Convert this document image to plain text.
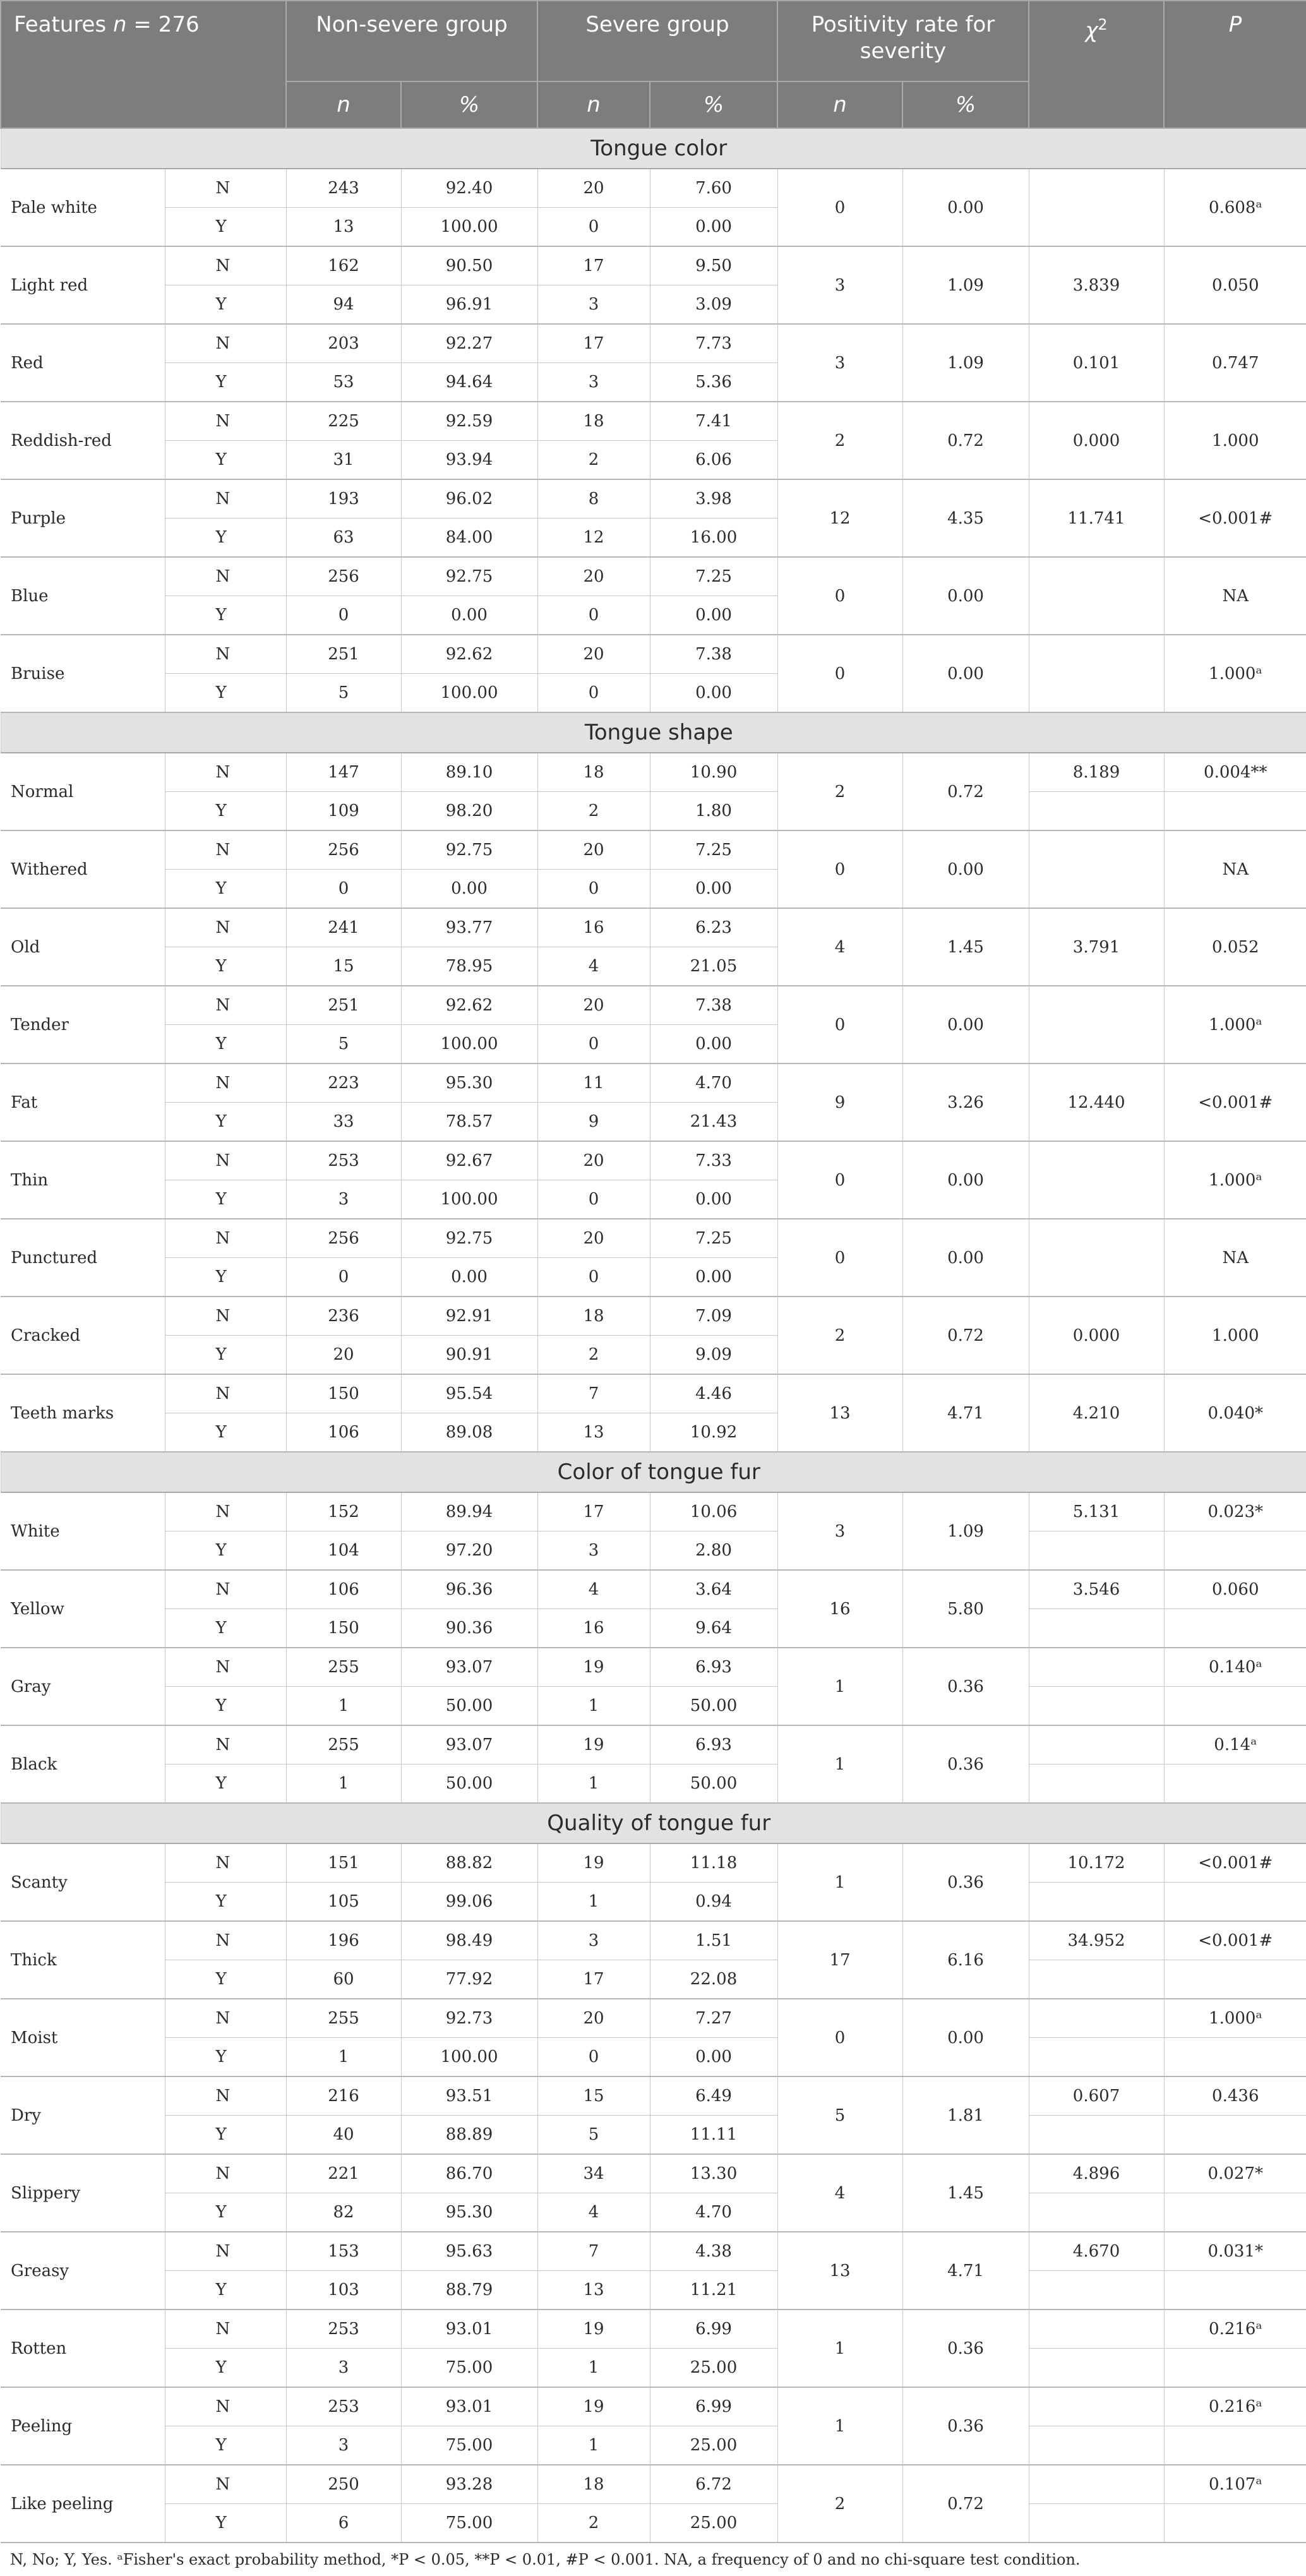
Features n = 276		Non-severe group		Severe group		Positivity rate for severity		$\chi^2$	P
		n	%	n	%	n	%		
Tongue color									
Pale white	N	243	92.40	20	7.60	0	0.00		0.608ᵃ
	Y	13	100.00	0	0.00				
Light red	N	162	90.50	17	9.50	3	1.09	3.839	0.050
	Y	94	96.91	3	3.09				
Red	N	203	92.27	17	7.73	3	1.09	0.101	0.747
	Y	53	94.64	3	5.36				
Reddish-red	N	225	92.59	18	7.41	2	0.72	0.000	1.000
	Y	31	93.94	2	6.06				
Purple	N	193	96.02	8	3.98	12	4.35	11.741	<0.001#
	Y	63	84.00	12	16.00				
Blue	N	256	92.75	20	7.25	0	0.00		NA
	Y	0	0.00	0	0.00				
Bruise	N	251	92.62	20	7.38	0	0.00		1.000ᵃ
	Y	5	100.00	0	0.00				
Tongue shape									
Normal	N	147	89.10	18	10.90	2	0.72	8.189	0.004**
	Y	109	98.20	2	1.80				
Withered	N	256	92.75	20	7.25	0	0.00		NA
	Y	0	0.00	0	0.00				
Old	N	241	93.77	16	6.23	4	1.45	3.791	0.052
	Y	15	78.95	4	21.05				
Tender	N	251	92.62	20	7.38	0	0.00		1.000ᵃ
	Y	5	100.00	0	0.00				
Fat	N	223	95.30	11	4.70	9	3.26	12.440	<0.001#
	Y	33	78.57	9	21.43				
Thin	N	253	92.67	20	7.33	0	0.00		1.000ᵃ
	Y	3	100.00	0	0.00				
Punctured	N	256	92.75	20	7.25	0	0.00		NA
	Y	0	0.00	0	0.00				
Cracked	N	236	92.91	18	7.09	2	0.72	0.000	1.000
	Y	20	90.91	2	9.09				
Teeth marks	N	150	95.54	7	4.46	13	4.71	4.210	0.040*
	Y	106	89.08	13	10.92				
Color of tongue fur									
White	N	152	89.94	17	10.06	3	1.09	5.131	0.023*
	Y	104	97.20	3	2.80				
Yellow	N	106	96.36	4	3.64	16	5.80	3.546	0.060
	Y	150	90.36	16	9.64				
Gray	N	255	93.07	19	6.93	1	0.36		0.140ᵃ
	Y	1	50.00	1	50.00				
Black	N	255	93.07	19	6.93	1	0.36		0.14ᵃ
	Y	1	50.00	1	50.00				
Quality of tongue fur									
Scanty	N	151	88.82	19	11.18	1	0.36	10.172	<0.001#
	Y	105	99.06	1	0.94				
Thick	N	196	98.49	3	1.51	17	6.16	34.952	<0.001#
	Y	60	77.92	17	22.08				
Moist	N	255	92.73	20	7.27	0	0.00		1.000ᵃ
	Y	1	100.00	0	0.00				
Dry	N	216	93.51	15	6.49	5	1.81	0.607	0.436
	Y	40	88.89	5	11.11				
Slippery	N	221	86.70	34	13.30	4	1.45	4.896	0.027*
	Y	82	95.30	4	4.70				
Greasy	N	153	95.63	7	4.38	13	4.71	4.670	0.031*
	Y	103	88.79	13	11.21				
Rotten	N	253	93.01	19	6.99	1	0.36		0.216ᵃ
	Y	3	75.00	1	25.00				
Peeling	N	253	93.01	19	6.99	1	0.36		0.216ᵃ
	Y	3	75.00	1	25.00				
Like peeling	N	250	93.28	18	6.72	2	0.72		0.107ᵃ
	Y	6	75.00	2	25.00				
N, No; Y, Yes. ᵃFisher's exact probability method, *P < 0.05, **P < 0.01, #P < 0.001. NA, a frequency of 0 and no chi-square test condition.
